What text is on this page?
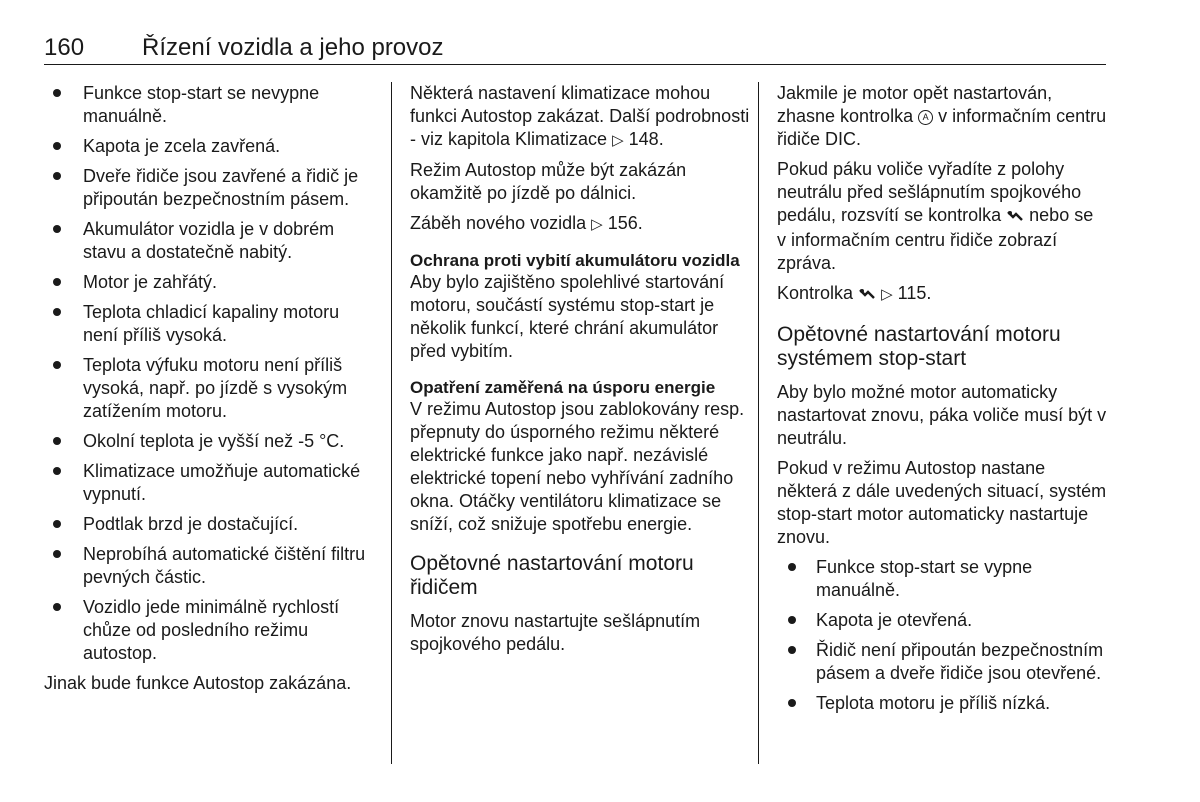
160 Řízení vozidla a jeho provoz
Funkce stop-start se nevypne manuálně.
Kapota je zcela zavřená.
Dveře řidiče jsou zavřené a řidič je připoután bezpečnostním pásem.
Akumulátor vozidla je v dobrém stavu a dostatečně nabitý.
Motor je zahřátý.
Teplota chladicí kapaliny motoru není příliš vysoká.
Teplota výfuku motoru není příliš vysoká, např. po jízdě s vysokým zatížením motoru.
Okolní teplota je vyšší než -5 °C.
Klimatizace umožňuje automatické vypnutí.
Podtlak brzd je dostačující.
Neprobíhá automatické čištění filtru pevných částic.
Vozidlo jede minimálně rychlostí chůze od posledního režimu autostop.

Jinak bude funkce Autostop zakázána.

Některá nastavení klimatizace mohou funkci Autostop zakázat. Další podrobnosti - viz kapitola Klimatizace ▷ 148.

Režim Autostop může být zakázán okamžitě po jízdě po dálnici.

Záběh nového vozidla ▷ 156.

Ochrana proti vybití akumulátoru vozidla

Aby bylo zajištěno spolehlivé startování motoru, součástí systému stop-start je několik funkcí, které chrání akumulátor před vybitím.

Opatření zaměřená na úsporu energie

V režimu Autostop jsou zablokovány resp. přepnuty do úsporného režimu některé elektrické funkce jako např. nezávislé elektrické topení nebo vyhřívání zadního okna. Otáčky ventilátoru klimatizace se sníží, což snižuje spotřebu energie.

Opětovné nastartování motoru řidičem

Motor znovu nastartujte sešlápnutím spojkového pedálu.

Jakmile je motor opět nastartován, zhasne kontrolka A v informačním centru řidiče DIC.

Pokud páku voliče vyřadíte z polohy neutrálu před sešlápnutím spojkového pedálu, rozsvítí se kontrolka nebo se v informačním centru řidiče zobrazí zpráva.

Kontrolka ▷ 115.

Opětovné nastartování motoru systémem stop-start

Aby bylo možné motor automaticky nastartovat znovu, páka voliče musí být v neutrálu.

Pokud v režimu Autostop nastane některá z dále uvedených situací, systém stop-start motor automaticky nastartuje znovu.

Funkce stop-start se vypne manuálně.
Kapota je otevřená.
Řidič není připoután bezpečnostním pásem a dveře řidiče jsou otevřené.
Teplota motoru je příliš nízká.
